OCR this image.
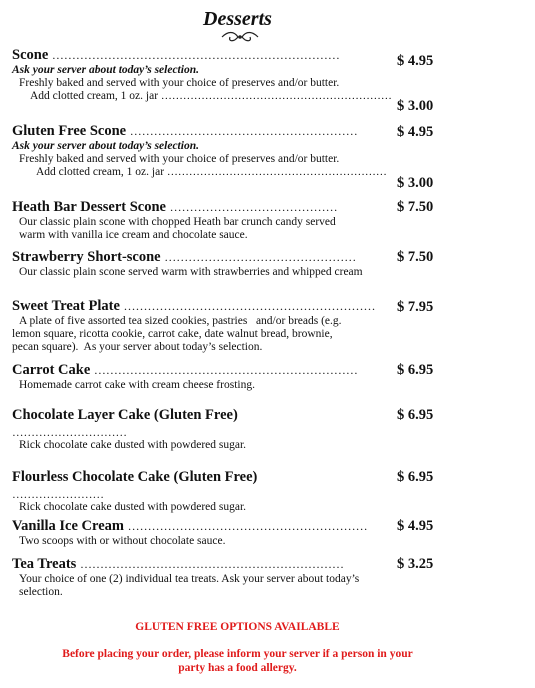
Desserts
Scone ………………………………………………………………
Ask your server about today’s selection.
Freshly baked and served with your choice of preserves and/or butter.
Add clotted cream, 1 oz. jar ………………………………………………………
$ 4.95
$ 3.00
Gluten Free Scone …………………………………………………
Ask your server about today’s selection.
Freshly baked and served with your choice of preserves and/or butter.
Add clotted cream, 1 oz. jar ……………………………………………………
$ 4.95
$ 3.00
Heath Bar Dessert Scone ……………………………………
Our classic plain scone with chopped Heath bar crunch candy served warm with vanilla ice cream and chocolate sauce.
$ 7.50
Strawberry Short-scone …………………………………………
Our classic plain scone served warm with strawberries and whipped cream
$ 7.50
Sweet Treat Plate ………………………………………………………
A plate of five assorted tea sized cookies, pastries   and/or breads (e.g. lemon square, ricotta cookie, carrot cake, date walnut bread, brownie,     pecan square).  As your server about today’s selection.
$ 7.95
Carrot Cake …………………………………………………………
Homemade carrot cake with cream cheese frosting.
$ 6.95
Chocolate Layer Cake (Gluten Free)
…………………………
Rick chocolate cake dusted with powdered sugar.
$ 6.95
Flourless Chocolate Cake (Gluten Free)
……………………
Rick chocolate cake dusted with powdered sugar.
$ 6.95
Vanilla Ice Cream ……………………………………………………
Two scoops with or without chocolate sauce.
$ 4.95
Tea Treats …………………………………………………………
Your choice of one (2) individual tea treats. Ask your server about today’s selection.
$ 3.25
GLUTEN FREE OPTIONS AVAILABLE
Before placing your order, please inform your server if a person in your
party has a food allergy.
